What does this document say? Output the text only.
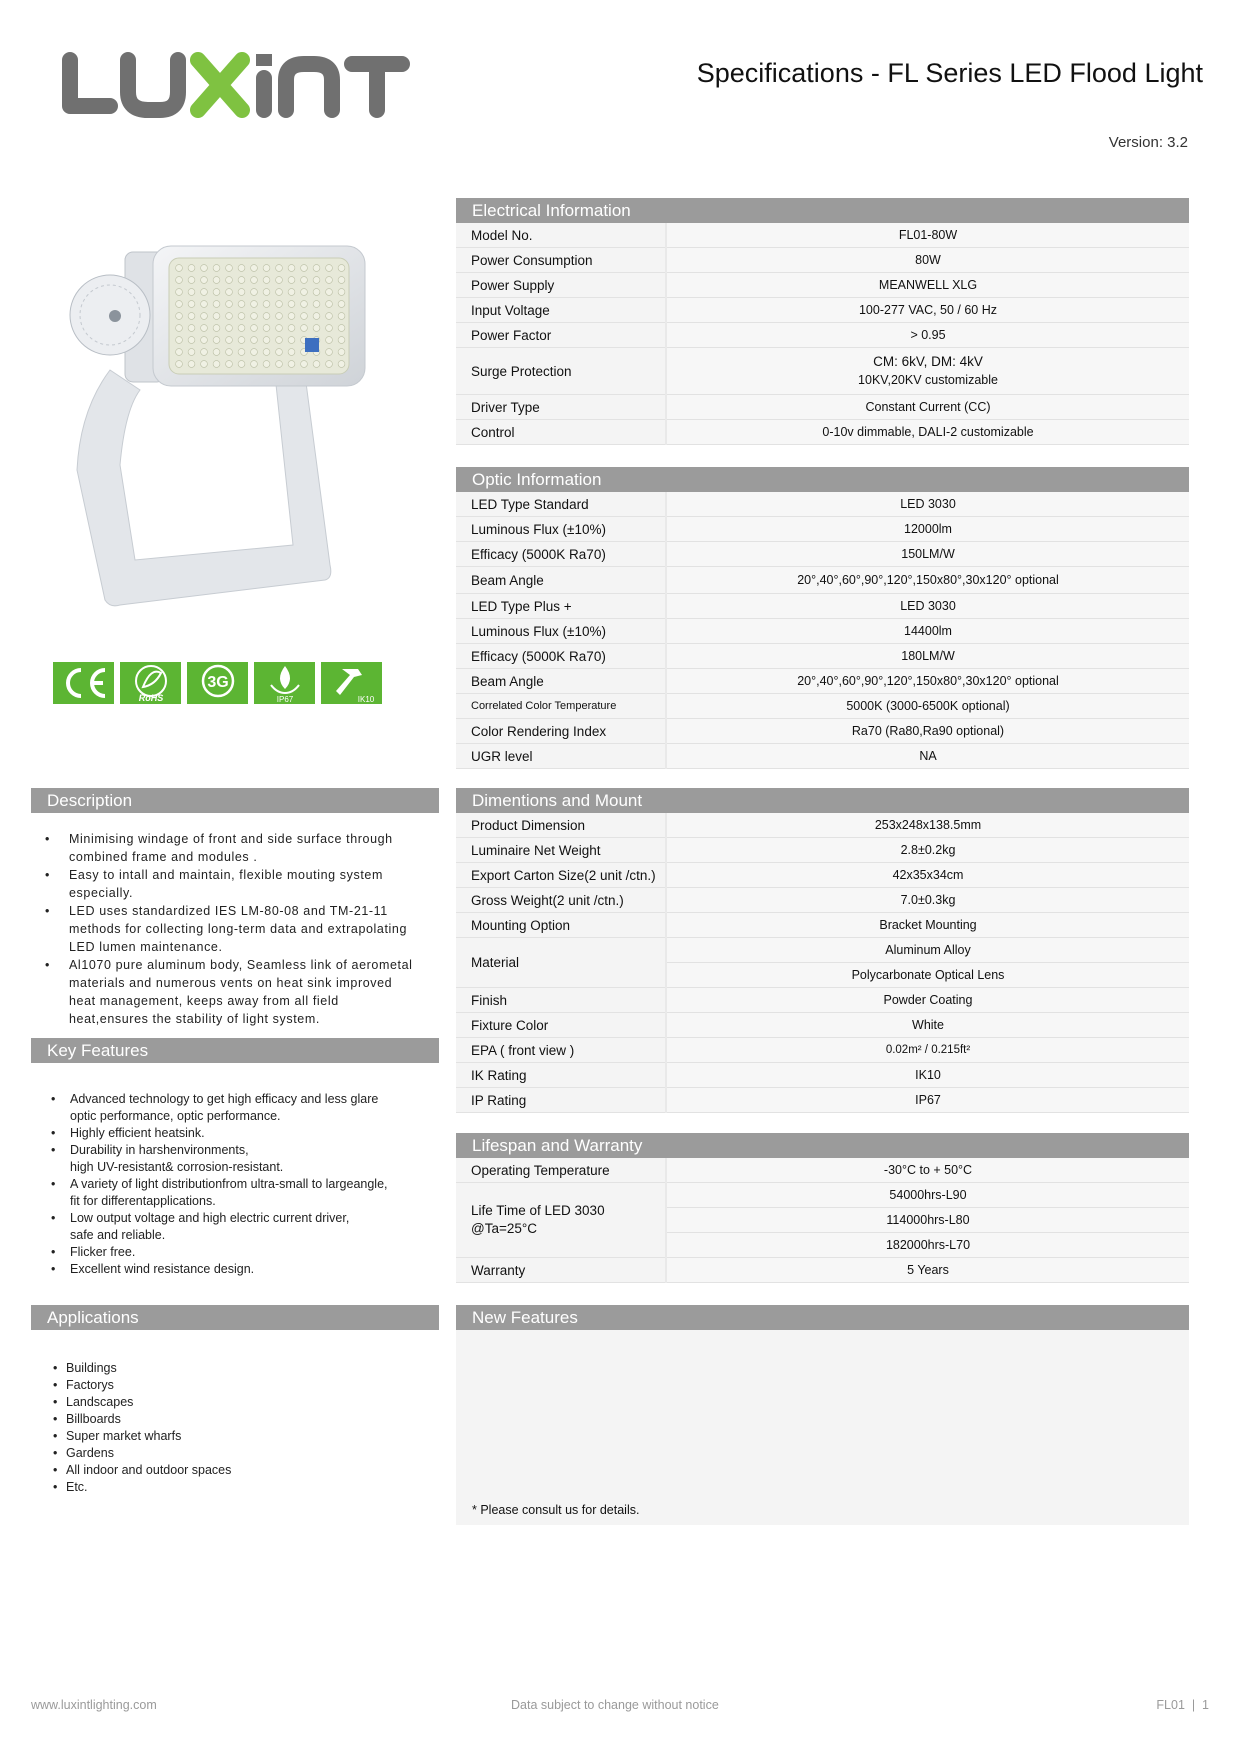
Specifications - FL Series LED Flood Light
Version: 3.2
RoHS
3G
IP67	IK10
Electrical Information
Model No.	FL01-80W
Power Consumption	80W
Power Supply	MEANWELL XLG
Input Voltage	100-277 VAC, 50 / 60 Hz
Power Factor	> 0.95
Surge Protection	CM: 6kV, DM: 4kV
10KV,20KV customizable

Driver Type	Constant Current (CC)
Control	0-10v dimmable, DALI-2 customizable
Optic Information
LED Type Standard	LED 3030
Luminous Flux (±10%)	12000lm
Efficacy (5000K Ra70)	150LM/W
Beam Angle	20°,40°,60°,90°,120°,150x80°,30x120° optional
LED Type Plus +	LED 3030
Luminous Flux (±10%)	14400lm
Efficacy (5000K Ra70)	180LM/W
Beam Angle	20°,40°,60°,90°,120°,150x80°,30x120° optional
Correlated Color Temperature	5000K (3000-6500K optional)
Color Rendering Index	Ra70 (Ra80,Ra90 optional)
UGR level	NA
Dimentions and Mount
Product Dimension	253x248x138.5mm
Luminaire Net Weight	2.8±0.2kg
Export Carton Size(2 unit /ctn.)	42x35x34cm
Gross Weight(2 unit /ctn.)	7.0±0.3kg
Mounting Option	Bracket Mounting
Material	Aluminum Alloy
	Polycarbonate Optical Lens
Finish	Powder Coating
Fixture Color	White
EPA ( front view )	0.02m² / 0.215ft²
IK Rating	IK10
IP Rating	IP67
Lifespan and Warranty
Operating Temperature	-30°C to + 50°C

Life Time of LED 3030
@Ta=25°C	54000hrs-L90
	114000hrs-L80
	182000hrs-L70
Warranty	5 Years
New Features
* Please consult us for details.
Description
• Minimising windage of front and side surface through
combined frame and modules .
• Easy to intall and maintain, flexible mouting system
especially.
• LED uses standardized IES LM-80-08 and TM-21-11
methods for collecting long-term data and extrapolating
LED lumen maintenance.
• Al1070 pure aluminum body, Seamless link of aerometal
materials and numerous vents on heat sink improved
heat management, keeps away from all field
heat,ensures the stability of light system.
Key Features
• Advanced technology to get high efficacy and less glare
optic performance, optic performance.
• Highly efficient heatsink.
• Durability in harshenvironments,
high UV-resistant& corrosion-resistant.
• A variety of light distributionfrom ultra-small to largeangle,
fit for differentapplications.
• Low output voltage and high electric current driver,
safe and reliable.
• Flicker free.
• Excellent wind resistance design.
Applications
• Buildings
• Factorys
• Landscapes
• Billboards
• Super market wharfs
• Gardens
• All indoor and outdoor spaces
• Etc.
www.luxintlighting.com	Data subject to change without notice	FL01  |  1
